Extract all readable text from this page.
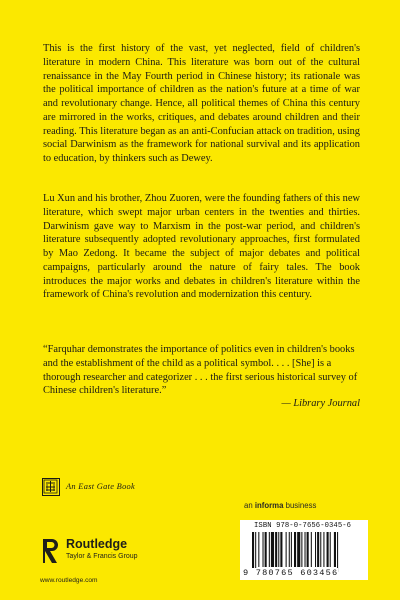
This is the first history of the vast, yet neglected, field of children's literature in modern China. This literature was born out of the cultural renaissance in the May Fourth period in Chinese history; its rationale was the political importance of children as the nation's future at a time of war and revolutionary change. Hence, all political themes of China this century are mirrored in the works, critiques, and debates around children and their reading. This literature began as an anti-Confucian attack on tradition, using social Darwinism as the framework for national survival and its application to education, by thinkers such as Dewey.

Lu Xun and his brother, Zhou Zuoren, were the founding fathers of this new literature, which swept major urban centers in the twenties and thirties. Darwinism gave way to Marxism in the post-war period, and children's literature subsequently adopted revolutionary approaches, first formulated by Mao Zedong. It became the subject of major debates and political campaigns, particularly around the nature of fairy tales. The book introduces the major works and debates in children's literature within the framework of China's revolution and modernization this century.

“Farquhar demonstrates the importance of politics even in children's books and the establishment of the child as a political symbol. . . . [She] is a thorough researcher and categorizer . . . the first serious historical survey of Chinese children's literature.”

— Library Journal
An East Gate Book
an informa business
Routledge
Taylor & Francis Group
www.routledge.com
ISBN 978-0-7656-0345-6
9 780765 603456
